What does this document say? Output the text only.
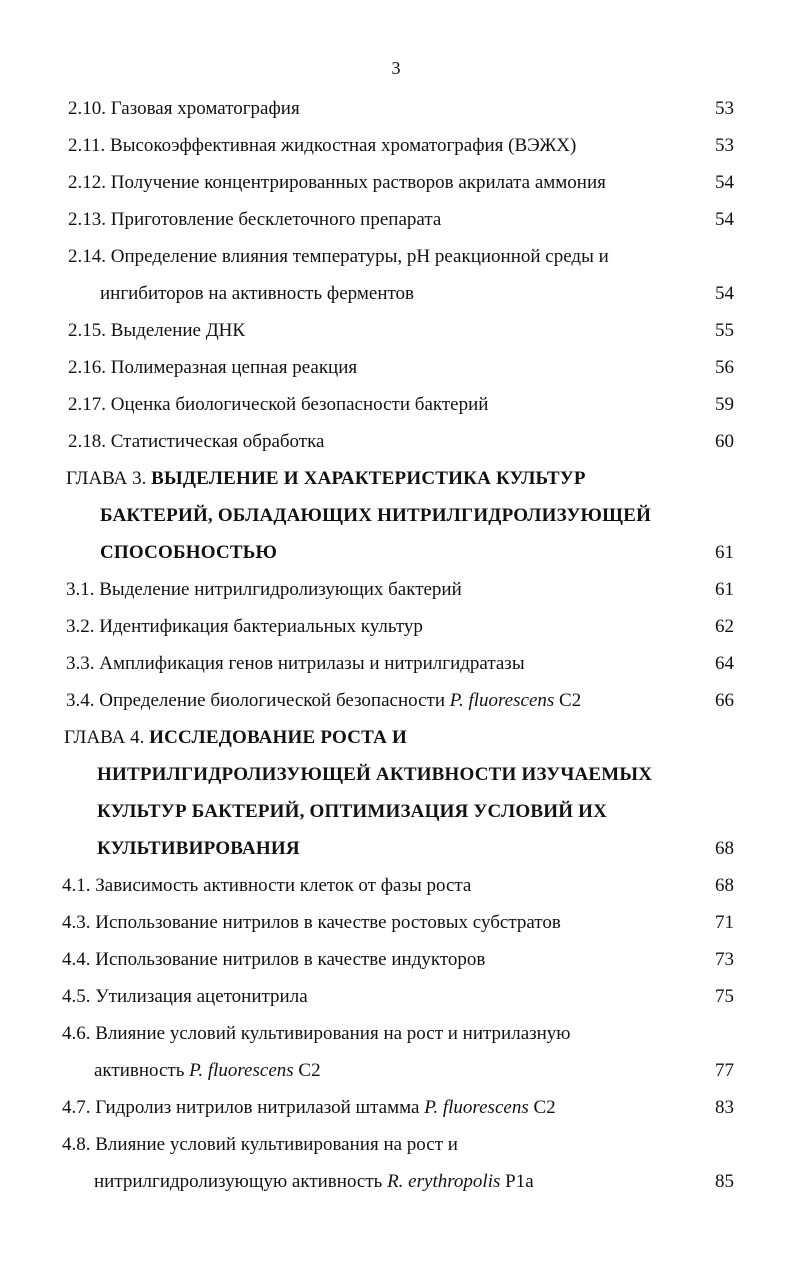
3
2.10. Газовая хроматография	53
2.11. Высокоэффективная жидкостная хроматография (ВЭЖХ)	53
2.12. Получение концентрированных растворов акрилата аммония	54
2.13. Приготовление бесклеточного препарата	54
2.14. Определение влияния температуры, pH реакционной среды и
ингибиторов на активность ферментов	54
2.15. Выделение ДНК	55
2.16. Полимеразная цепная реакция	56
2.17. Оценка биологической безопасности бактерий	59
2.18. Статистическая обработка	60
ГЛАВА 3. ВЫДЕЛЕНИЕ И ХАРАКТЕРИСТИКА КУЛЬТУР
БАКТЕРИЙ, ОБЛАДАЮЩИХ НИТРИЛГИДРОЛИЗУЮЩЕЙ
СПОСОБНОСТЬЮ	61
3.1. Выделение нитрилгидролизующих бактерий	61
3.2. Идентификация бактериальных культур	62
3.3. Амплификация генов нитрилазы и нитрилгидратазы	64
3.4. Определение биологической безопасности P. fluorescens C2	66
ГЛАВА 4. ИССЛЕДОВАНИЕ РОСТА И
НИТРИЛГИДРОЛИЗУЮЩЕЙ АКТИВНОСТИ ИЗУЧАЕМЫХ
КУЛЬТУР БАКТЕРИЙ, ОПТИМИЗАЦИЯ УСЛОВИЙ ИХ
КУЛЬТИВИРОВАНИЯ	68
4.1. Зависимость активности клеток от фазы роста	68
4.3. Использование нитрилов в качестве ростовых субстратов	71
4.4. Использование нитрилов в качестве индукторов	73
4.5. Утилизация ацетонитрила	75
4.6. Влияние условий культивирования на рост и нитрилазную
активность P. fluorescens C2	77
4.7. Гидролиз нитрилов нитрилазой штамма P. fluorescens C2	83
4.8. Влияние условий культивирования на рост и
нитрилгидролизующую активность R. erythropolis P1a	85
